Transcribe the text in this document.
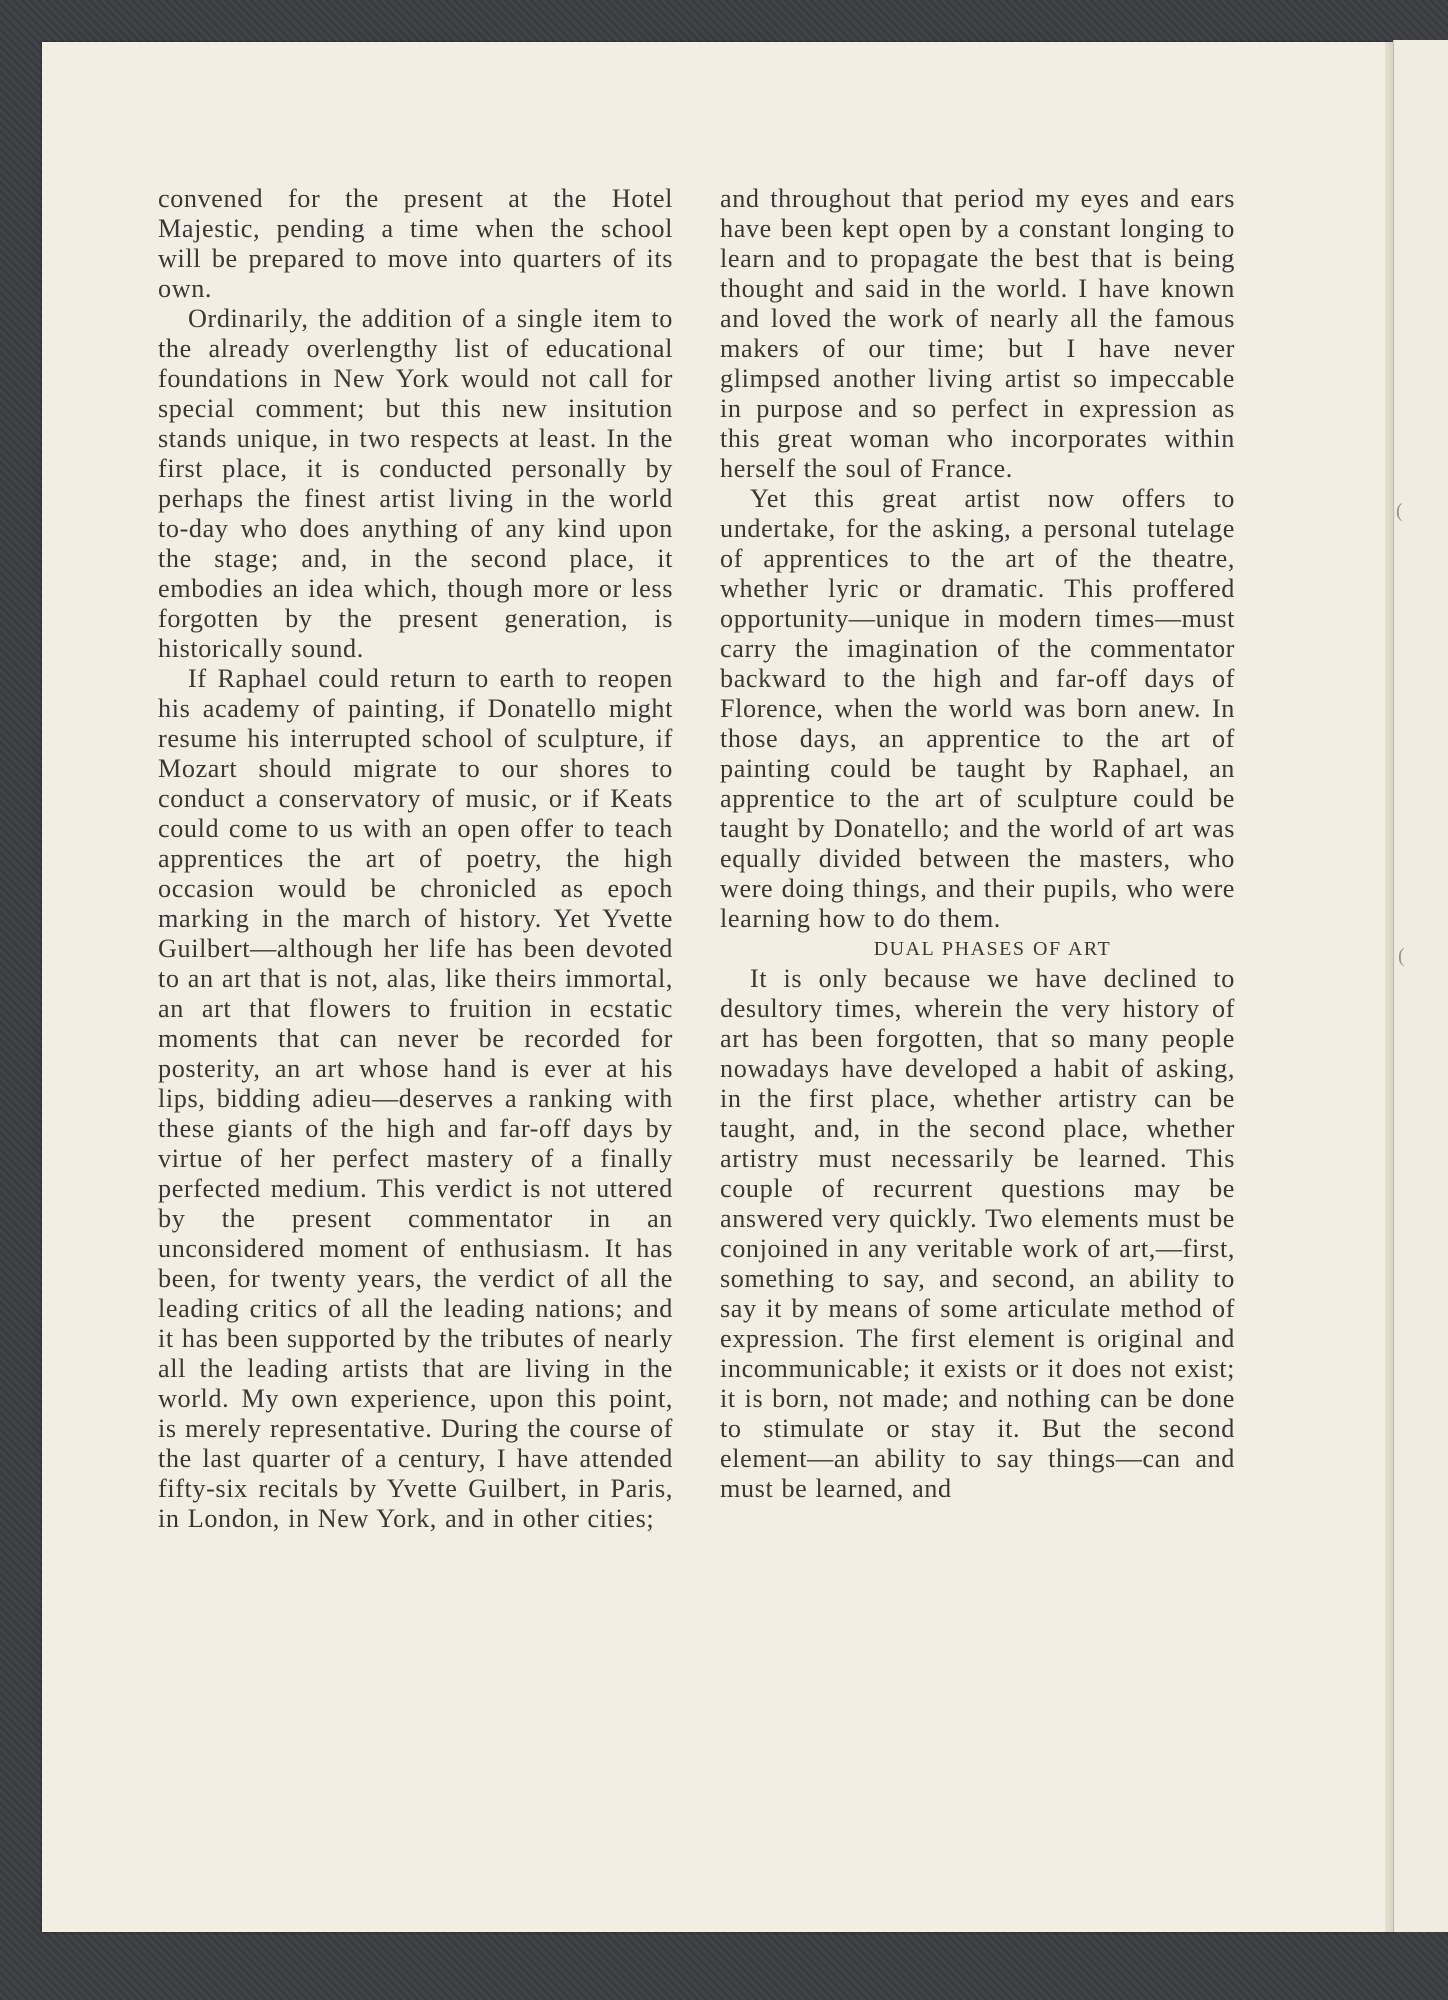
(
(

convened for the present at the Hotel Majestic, pending a time when the school will be prepared to move into quarters of its own.

Ordinarily, the addition of a single item to the already overlengthy list of educational foundations in New York would not call for special comment; but this new insitution stands unique, in two respects at least. In the first place, it is conducted personally by perhaps the finest artist living in the world to-day who does anything of any kind upon the stage; and, in the second place, it embodies an idea which, though more or less forgotten by the present generation, is historically sound.

If Raphael could return to earth to reopen his academy of painting, if Donatello might resume his interrupted school of sculpture, if Mozart should migrate to our shores to conduct a conservatory of music, or if Keats could come to us with an open offer to teach apprentices the art of poetry, the high occasion would be chronicled as epoch marking in the march of history. Yet Yvette Guilbert—although her life has been devoted to an art that is not, alas, like theirs immortal, an art that flowers to fruition in ecstatic moments that can never be recorded for posterity, an art whose hand is ever at his lips, bidding adieu—deserves a ranking with these giants of the high and far-off days by virtue of her perfect mastery of a finally perfected medium. This verdict is not uttered by the present commentator in an unconsidered moment of enthusiasm. It has been, for twenty years, the verdict of all the leading critics of all the leading nations; and it has been supported by the tributes of nearly all the leading artists that are living in the world. My own experience, upon this point, is merely representative. During the course of the last quarter of a century, I have attended fifty-six recitals by Yvette Guilbert, in Paris, in London, in New York, and in other cities;

and throughout that period my eyes and ears have been kept open by a constant longing to learn and to propagate the best that is being thought and said in the world. I have known and loved the work of nearly all the famous makers of our time; but I have never glimpsed another living artist so impeccable in purpose and so perfect in expression as this great woman who incorporates within herself the soul of France.

Yet this great artist now offers to undertake, for the asking, a personal tutelage of apprentices to the art of the theatre, whether lyric or dramatic. This proffered opportunity—unique in modern times—must carry the imagination of the commentator backward to the high and far-off days of Florence, when the world was born anew. In those days, an apprentice to the art of painting could be taught by Raphael, an apprentice to the art of sculpture could be taught by Donatello; and the world of art was equally divided between the masters, who were doing things, and their pupils, who were learning how to do them.

DUAL PHASES OF ART

It is only because we have declined to desultory times, wherein the very history of art has been forgotten, that so many people nowadays have developed a habit of asking, in the first place, whether artistry can be taught, and, in the second place, whether artistry must necessarily be learned. This couple of recurrent questions may be answered very quickly. Two elements must be conjoined in any veritable work of art,—first, something to say, and second, an ability to say it by means of some articulate method of expression. The first element is original and incommunicable; it exists or it does not exist; it is born, not made; and nothing can be done to stimulate or stay it. But the second element—an ability to say things—can and must be learned, and
